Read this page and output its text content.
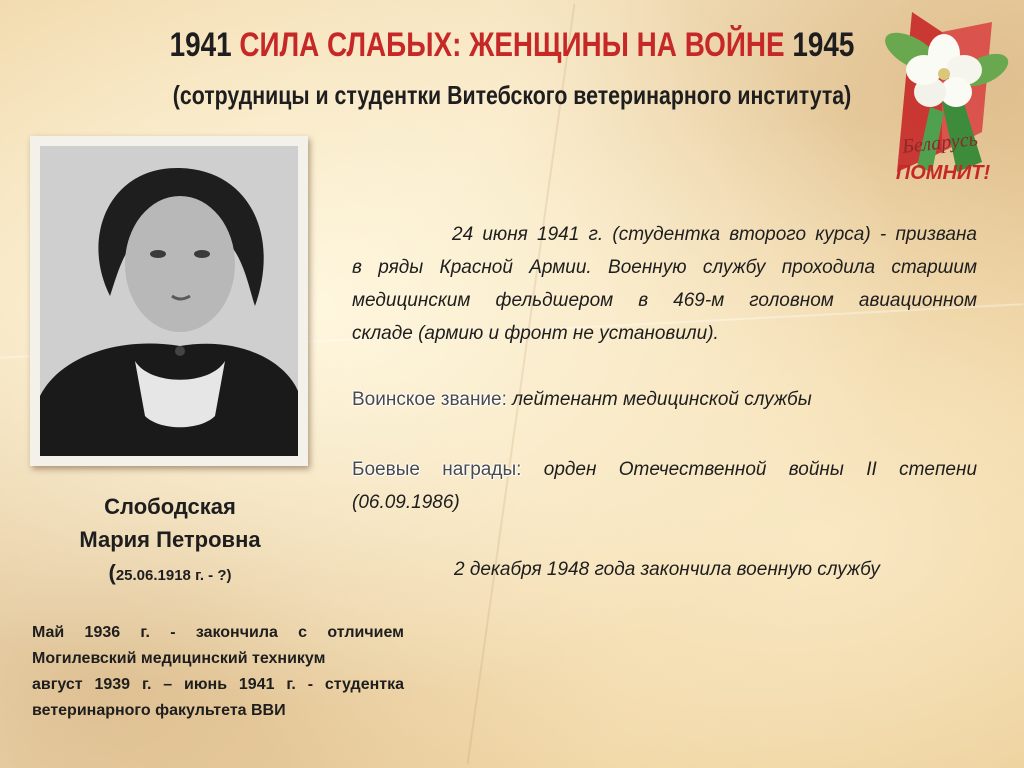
1941 СИЛА СЛАБЫХ: ЖЕНЩИНЫ НА ВОЙНЕ 1945
(сотрудницы и студентки Витебского ветеринарного института)
Беларусь
ПОМНИТ!
Слободская
Мария Петровна
(25.06.1918 г. - ?)
Май 1936 г. - закончила с отличием
Могилевский медицинский техникум
август 1939 г. – июнь 1941 г. - студентка
ветеринарного факультета ВВИ
24 июня 1941 г. (студентка второго курса) - призвана
в ряды Красной Армии. Военную службу проходила старшим
медицинским фельдшером в 469-м головном авиационном
складе (армию и фронт не установили).
Воинское звание: лейтенант медицинской службы
Боевые награды: орден Отечественной войны II степени
(06.09.1986)
2 декабря 1948 года закончила военную службу
